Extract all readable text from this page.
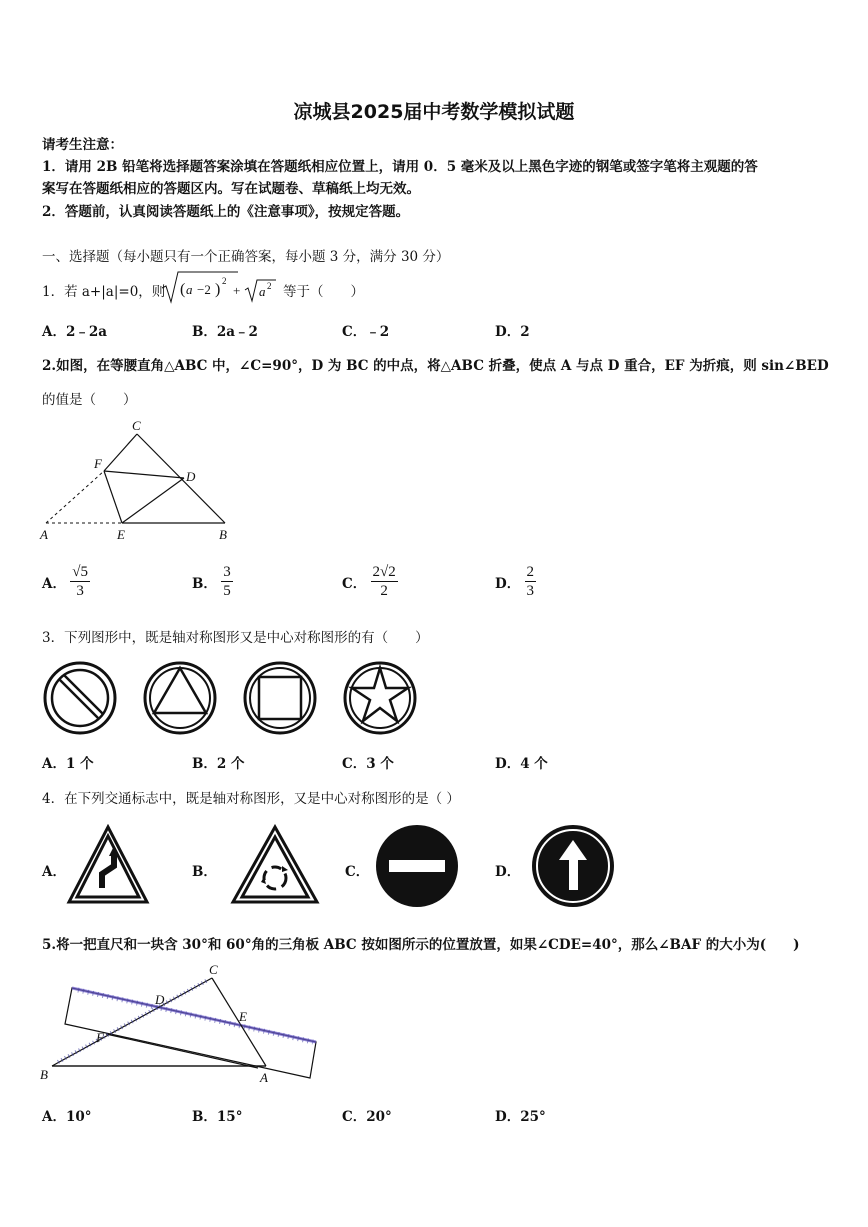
凉城县2025届中考数学模拟试题
请考生注意：
1．请用 2B 铅笔将选择题答案涂填在答题纸相应位置上，请用 0．5 毫米及以上黑色字迹的钢笔或签字笔将主观题的答
案写在答题纸相应的答题区内。写在试题卷、草稿纸上均无效。
2．答题前，认真阅读答题纸上的《注意事项》，按规定答题。
一、选择题（每小题只有一个正确答案，每小题 3 分，满分 30 分）
1．若 a+|a|=0，则 ( a −2 ) 2
+ a 2 等于（　　）
A．2﹣2a	B．2a﹣2	C．﹣2	D．2
2.如图，在等腰直角△ABC 中，∠C=90°，D 为 BC 的中点，将△ABC 折叠，使点 A 与点 D 重合，EF 为折痕，则 sin∠BED
的值是（　　）
C
F
D
A	E	B
A． $\frac{√5}{3}$	B． $\frac{3}{5}$	C． $\frac{2√2}{2}$	D． $\frac{2}{3}$
3．下列图形中，既是轴对称图形又是中心对称图形的有（　　）
A．1 个	B．2 个	C．3 个	D．4 个
4．在下列交通标志中，既是轴对称图形，又是中心对称图形的是（ ）
A．	B．	C．	D．
5.将一把直尺和一块含 30°和 60°角的三角板 ABC 按如图所示的位置放置，如果∠CDE=40°，那么∠BAF 的大小为(　　)
C
D
E
F
B	A
A．10°	B．15°	C．20°	D．25°
